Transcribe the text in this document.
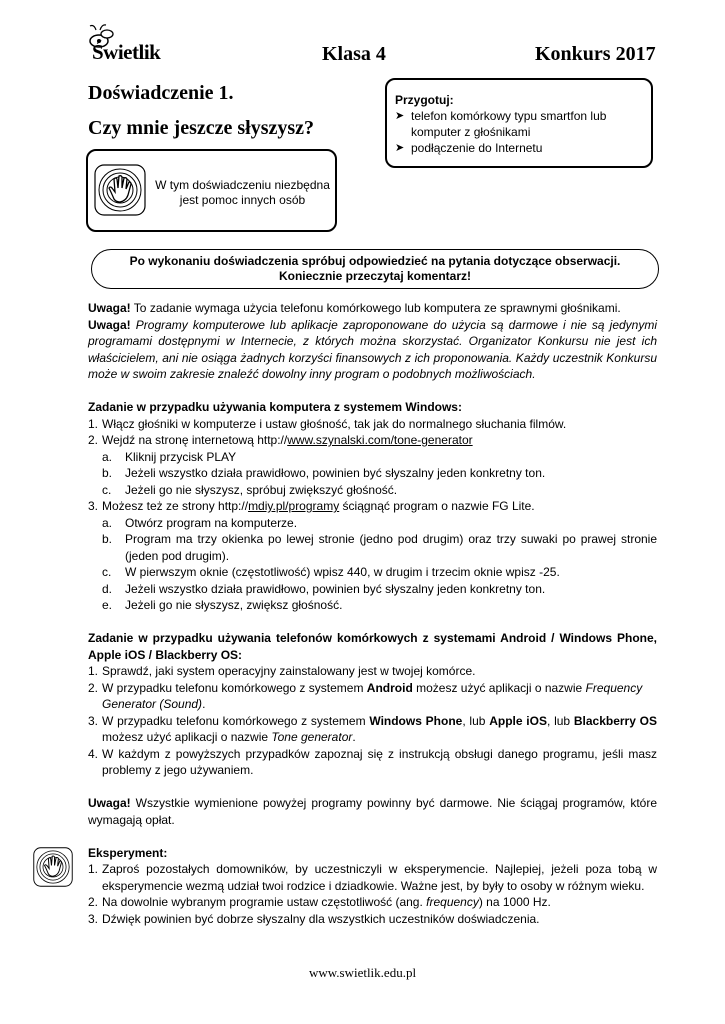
Świetlik	Klasa 4	Konkurs 2017
Doświadczenie 1.
Czy mnie jeszcze słyszysz?
Przygotuj:
➤ telefon komórkowy typu smartfon lub komputer z głośnikami
➤ podłączenie do Internetu
W tym doświadczeniu niezbędna jest pomoc innych osób
Po wykonaniu doświadczenia spróbuj odpowiedzieć na pytania dotyczące obserwacji.
Koniecznie przeczytaj komentarz!

Uwaga! To zadanie wymaga użycia telefonu komórkowego lub komputera ze sprawnymi głośnikami.

Uwaga! Programy komputerowe lub aplikacje zaproponowane do użycia są darmowe i nie są jedynymi programami dostępnymi w Internecie, z których można skorzystać. Organizator Konkursu nie jest ich właścicielem, ani nie osiąga żadnych korzyści finansowych z ich proponowania. Każdy uczestnik Konkursu może w swoim zakresie znaleźć dowolny inny program o podobnych możliwościach.

Zadanie w przypadku używania komputera z systemem Windows:

1. Włącz głośniki w komputerze i ustaw głośność, tak jak do normalnego słuchania filmów.
2. Wejdź na stronę internetową http://www.szynalski.com/tone-generator
a.	Kliknij przycisk PLAY
b.	Jeżeli wszystko działa prawidłowo, powinien być słyszalny jeden konkretny ton.
c.	Jeżeli go nie słyszysz, spróbuj zwiększyć głośność.
3. Możesz też ze strony http://mdiy.pl/programy ściągnąć program o nazwie FG Lite.
a.	Otwórz program na komputerze.
b.	Program ma trzy okienka po lewej stronie (jedno pod drugim) oraz trzy suwaki po prawej stronie (jeden pod drugim).
c.	W pierwszym oknie (częstotliwość) wpisz 440, w drugim i trzecim oknie wpisz -25.
d.	Jeżeli wszystko działa prawidłowo, powinien być słyszalny jeden konkretny ton.
e.	Jeżeli go nie słyszysz, zwiększ głośność.

Zadanie w przypadku używania telefonów komórkowych z systemami Android / Windows Phone, Apple iOS / Blackberry OS:

1. Sprawdź, jaki system operacyjny zainstalowany jest w twojej komórce.
2. W przypadku telefonu komórkowego z systemem Android możesz użyć aplikacji o nazwie Frequency Generator (Sound).
3. W przypadku telefonu komórkowego z systemem Windows Phone, lub Apple iOS, lub Blackberry OS możesz użyć aplikacji o nazwie Tone generator.
4. W każdym z powyższych przypadków zapoznaj się z instrukcją obsługi danego programu, jeśli masz problemy z jego używaniem.

Uwaga! Wszystkie wymienione powyżej programy powinny być darmowe. Nie ściągaj programów, które wymagają opłat.

Eksperyment:

1. Zaproś pozostałych domowników, by uczestniczyli w eksperymencie. Najlepiej, jeżeli poza tobą w eksperymencie wezmą udział twoi rodzice i dziadkowie. Ważne jest, by były to osoby w różnym wieku.
2. Na dowolnie wybranym programie ustaw częstotliwość (ang. frequency) na 1000 Hz.
3. Dźwięk powinien być dobrze słyszalny dla wszystkich uczestników doświadczenia.
www.swietlik.edu.pl
